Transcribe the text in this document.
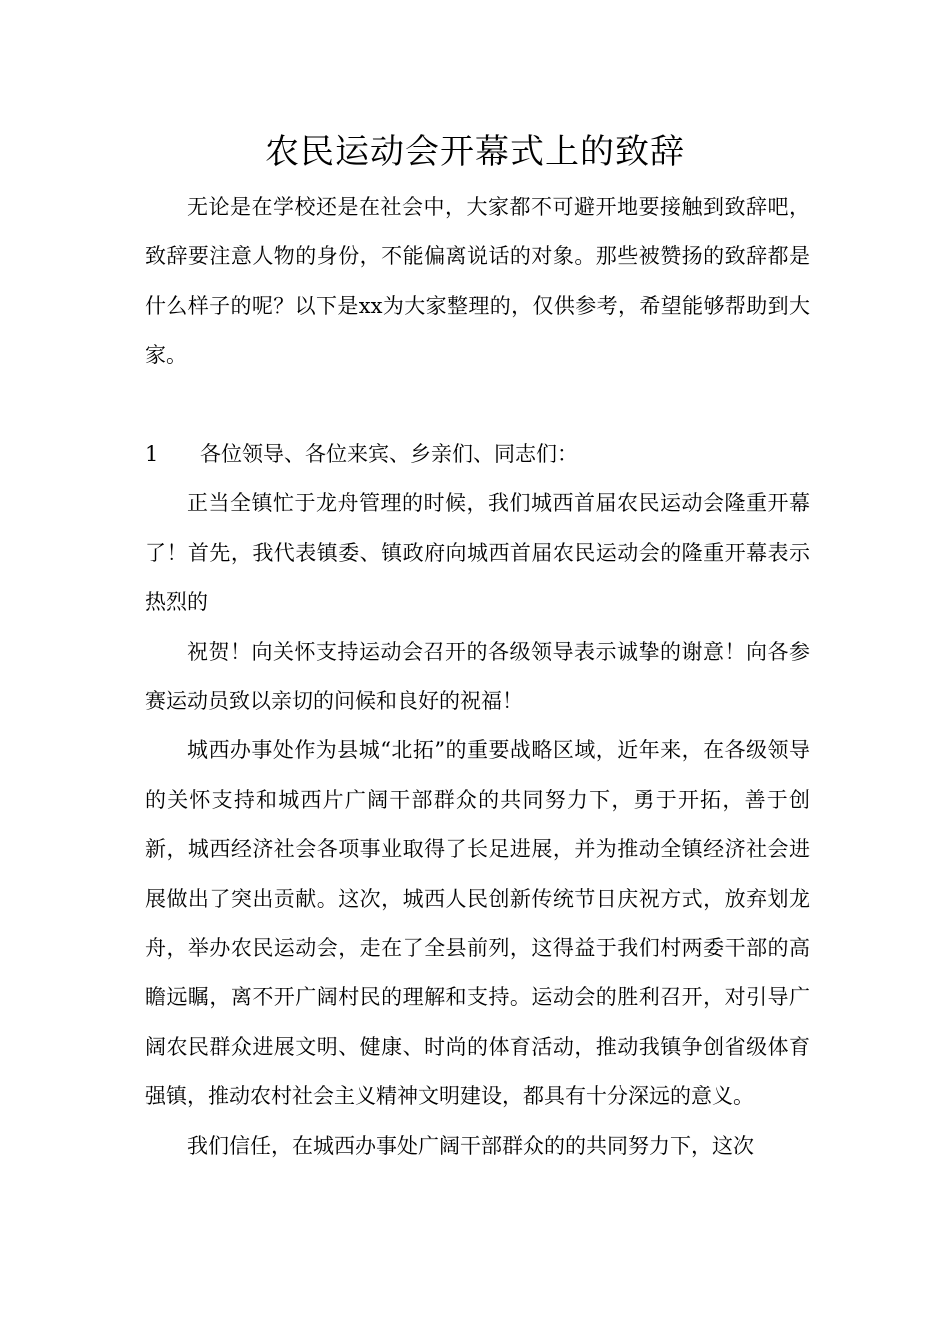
农民运动会开幕式上的致辞

无论是在学校还是在社会中，大家都不可避开地要接触到致辞吧，致辞要注意人物的身份，不能偏离说话的对象。那些被赞扬的致辞都是什么样子的呢？以下是xx为大家整理的，仅供参考，希望能够帮助到大家。

1 各位领导、各位来宾、乡亲们、同志们：

正当全镇忙于龙舟管理的时候，我们城西首届农民运动会隆重开幕了！首先，我代表镇委、镇政府向城西首届农民运动会的隆重开幕表示热烈的

祝贺！向关怀支持运动会召开的各级领导表示诚挚的谢意！向各参赛运动员致以亲切的问候和良好的祝福！

城西办事处作为县城“北拓”的重要战略区域，近年来，在各级领导的关怀支持和城西片广阔干部群众的共同努力下，勇于开拓，善于创新，城西经济社会各项事业取得了长足进展，并为推动全镇经济社会进展做出了突出贡献。这次，城西人民创新传统节日庆祝方式，放弃划龙舟，举办农民运动会，走在了全县前列，这得益于我们村两委干部的高瞻远瞩，离不开广阔村民的理解和支持。运动会的胜利召开，对引导广阔农民群众进展文明、健康、时尚的体育活动，推动我镇争创省级体育强镇，推动农村社会主义精神文明建设，都具有十分深远的意义。

我们信任，在城西办事处广阔干部群众的的共同努力下，这次
